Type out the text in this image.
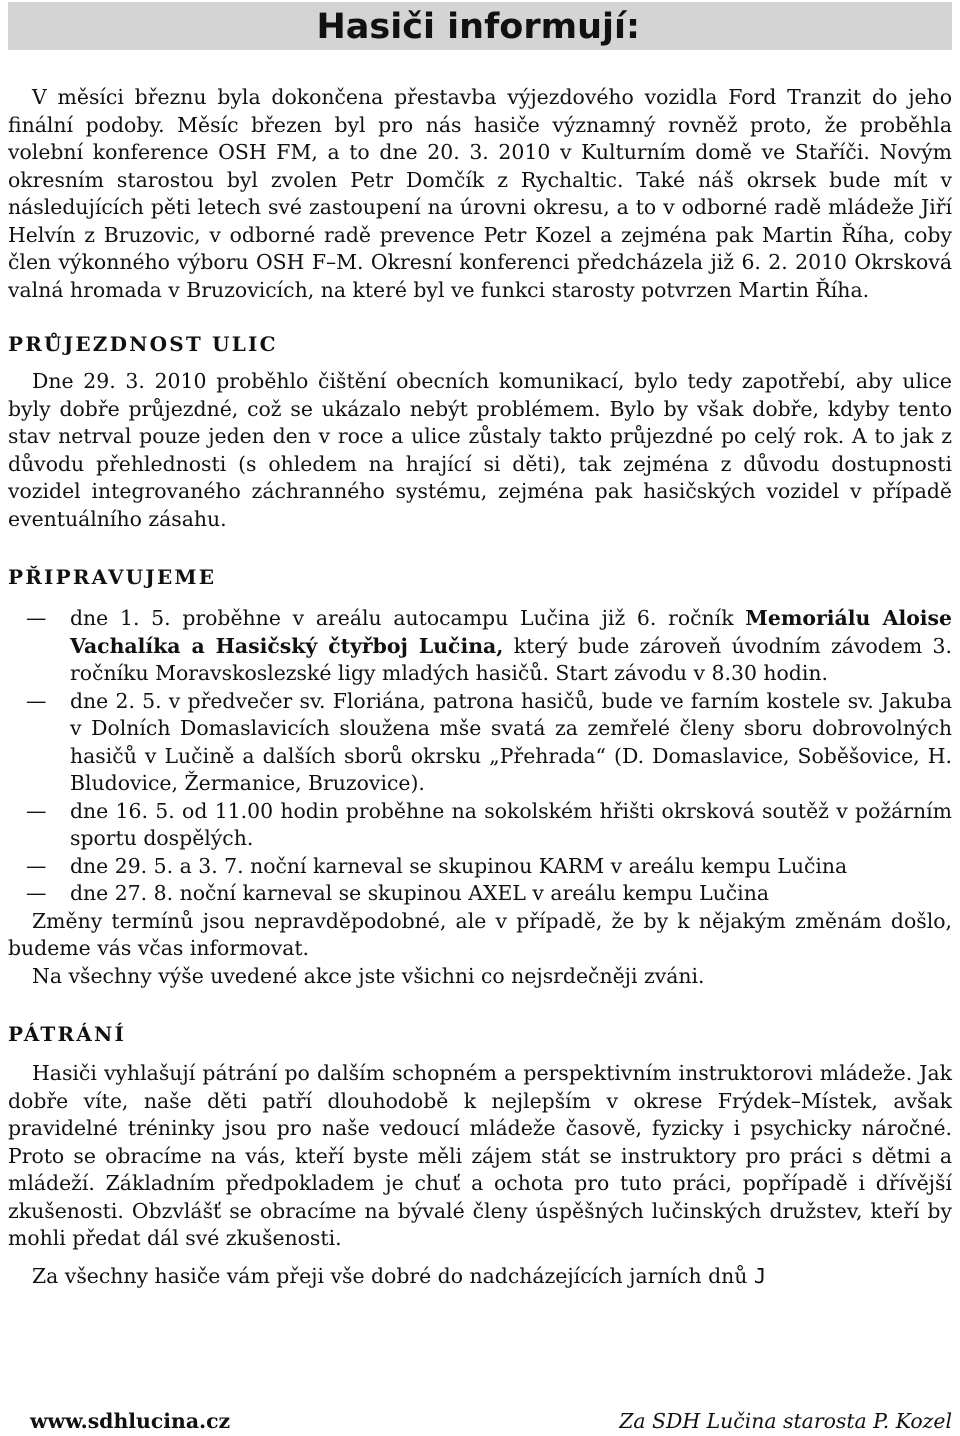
Hasiči informují:

V měsíci březnu byla dokončena přestavba výjezdového vozidla Ford Tranzit do jeho finální podoby. Měsíc březen byl pro nás hasiče významný rovněž proto, že proběhla volební konference OSH FM, a to dne 20. 3. 2010 v Kulturním domě ve Staříči. Novým okresním starostou byl zvolen Petr Domčík z Rychaltic. Také náš okrsek bude mít v následujících pěti letech své zastoupení na úrovni okresu, a to v odborné radě mládeže Jiří Helvín z Bruzovic, v odborné radě prevence Petr Kozel a zejména pak Martin Říha, coby člen výkonného výboru OSH F–M. Okresní konferenci předcházela již 6. 2. 2010 Okrsková valná hromada v Bruzovicích, na které byl ve funkci starosty potvrzen Martin Říha.

PRŮJEZDNOST ULIC

Dne 29. 3. 2010 proběhlo čištění obecních komunikací, bylo tedy zapotřebí, aby ulice byly dobře průjezdné, což se ukázalo nebýt problémem. Bylo by však dobře, kdyby tento stav netrval pouze jeden den v roce a ulice zůstaly takto průjezdné po celý rok. A to jak z důvodu přehlednosti (s ohledem na hrající si děti), tak zejména z důvodu dostupnosti vozidel integrovaného záchranného systému, zejména pak hasičských vozidel v případě eventuálního zásahu.

PŘIPRAVUJEME
— dne 1. 5. proběhne v areálu autocampu Lučina již 6. ročník Memoriálu Aloise Vachalíka a Hasičský čtyřboj Lučina, který bude zároveň úvodním závodem 3. ročníku Moravskoslezské ligy mladých hasičů. Start závodu v 8.30 hodin.
— dne 2. 5. v předvečer sv. Floriána, patrona hasičů, bude ve farním kostele sv. Jakuba v Dolních Domaslavicích sloužena mše svatá za zemřelé členy sboru dobrovolných hasičů v Lučině a dalších sborů okrsku „Přehrada“ (D. Domaslavice, Soběšovice, H. Bludovice, Žermanice, Bruzovice).
— dne 16. 5. od 11.00 hodin proběhne na sokolském hřišti okrsková soutěž v požárním sportu dospělých.
— dne 29. 5. a 3. 7. noční karneval se skupinou KARM v areálu kempu Lučina
— dne 27. 8. noční karneval se skupinou AXEL v areálu kempu Lučina

Změny termínů jsou nepravděpodobné, ale v případě, že by k nějakým změnám došlo, budeme vás včas informovat.

Na všechny výše uvedené akce jste všichni co nejsrdečněji zváni.

PÁTRÁNÍ

Hasiči vyhlašují pátrání po dalším schopném a perspektivním instruktorovi mládeže. Jak dobře víte, naše děti patří dlouhodobě k nejlepším v okrese Frýdek–Místek, avšak pravidelné tréninky jsou pro naše vedoucí mládeže časově, fyzicky i psychicky náročné. Proto se obracíme na vás, kteří byste měli zájem stát se instruktory pro práci s dětmi a mládeží. Základním předpokladem je chuť a ochota pro tuto práci, popřípadě i dřívější zkušenosti. Obzvlášť se obracíme na bývalé členy úspěšných lučinských družstev, kteří by mohli předat dál své zkušenosti.

Za všechny hasiče vám přeji vše dobré do nadcházejících jarních dnů J

www.sdhlucina.cz	Za SDH Lučina starosta P. Kozel
